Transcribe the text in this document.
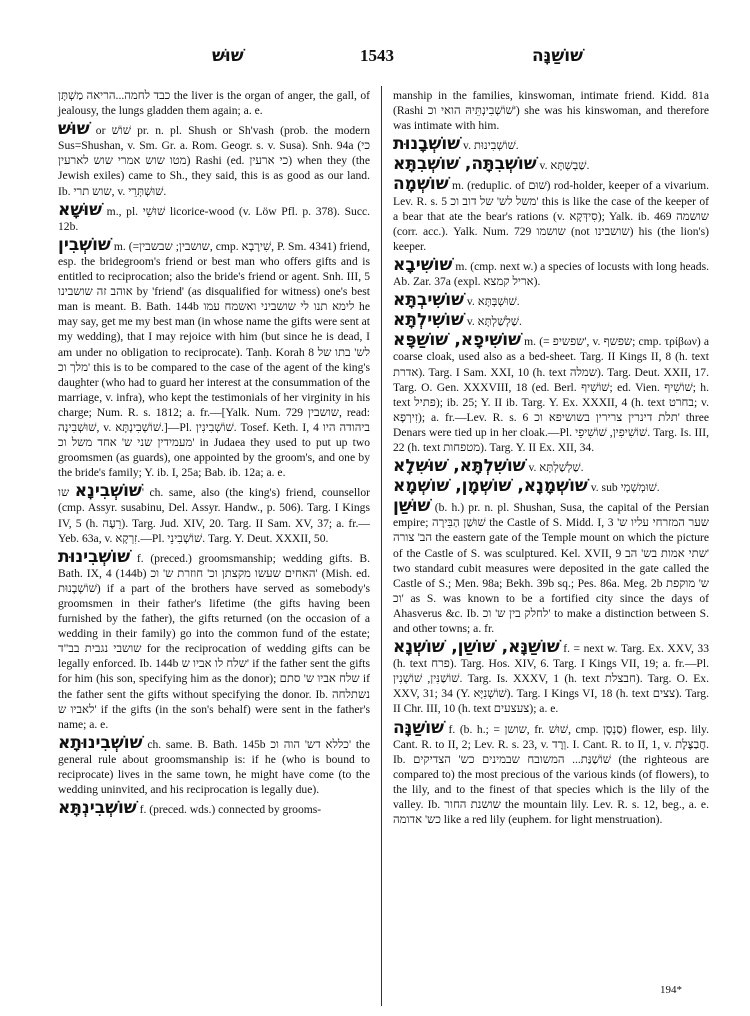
שׁוּשׁ	1543	שׁוֹשַׁנָּה
כבד לחמה...הריאה מַשְׁתָּן the liver is the organ of anger, the gall, of jealousy, the lungs gladden them again; a. e.
שׁוּשׁ or שׁוֹשׁ pr. n. pl. Shush or Sh'vash (prob. the modern Sus=Shushan, v. Sm. Gr. a. Rom. Geogr. s. v. Susa). Snh. 94a (כי מטו שוש אמרי שוש לארעין) Rashi (ed. כי ארעין) when they (the Jewish exiles) came to Sh., they said, this is as good as our land. Ib. שוש תרי, v. שׁוּשְׁתְּרֵי.
שׁוּשָׁא m., pl. שׁוּשֵׁי licorice-wood (v. Löw Pfl. p. 378). Succ. 12b.
שׁוֹשְׁבִין m. (=שושבין; שבשבין, cmp. שִׁירָבָא, P. Sm. 4341) friend, esp. the bridegroom's friend or best man who offers gifts and is entitled to reciprocation; also the bride's friend or agent. Snh. III, 5 אוהב זה שושבינו by 'friend' (as disqualified for witness) one's best man is meant. B. Bath. 144b לימא תנו לי שושביני ואשמח עמו he may say, get me my best man (in whose name the gifts were sent at my wedding), that I may rejoice with him (but since he is dead, I am under no obligation to reciprocate). Tanḥ. Korah 8 לש' בתו של מלך וכ' this is to be compared to the case of the agent of the king's daughter (who had to guard her interest at the consummation of the marriage, v. infra), who kept the testimonials of her virginity in his charge; Num. R. s. 1812; a. fr.—[Yalk. Num. 729 שושבין, read: שׁוּשְׁבִינָה, v. שׁוֹשְׁבִינְתָּא.]—Pl. שׁוֹשְׁבִינִין. Tosef. Keth. I, 4 ביהודה היו מעמידין שני ש' אחד משל וכ' in Judaea they used to put up two groomsmen (as guards), one appointed by the groom's, and one by the bride's family; Y. ib. I, 25a; Bab. ib. 12a; a. e.
שׁוֹשְׁבִינָא שו' ch. same, also (the king's) friend, counsellor (cmp. Assyr. susabinu, Del. Assyr. Handw., p. 506). Targ. I Kings IV, 5 (h. רֵעֶה). Targ. Jud. XIV, 20. Targ. II Sam. XV, 37; a. fr.—Yeb. 63a, v. זִרְקָא.—Pl. שׁוֹשְׁבִינֵי. Targ. Y. Deut. XXXII, 50.
שׁוֹשְׁבִינוּת f. (preced.) groomsmanship; wedding gifts. B. Bath. IX, 4 (144b) האחים שעשו מקצתן וכ' חוזרת ש' וכ' (Mish. ed. שׁוֹשְׁבָנוּת) if a part of the brothers have served as somebody's groomsmen in their father's lifetime (the gifts having been furnished by the father), the gifts returned (on the occasion of a wedding in their family) go into the common fund of the estate; שושבי נגבית בב"ד for the reciprocation of wedding gifts can be legally enforced. Ib. 144b שלח לו אביו ש' if the father sent the gifts for him (his son, specifying him as the donor); שלח אביו ש' סתם if the father sent the gifts without specifying the donor. Ib. נשתלחה לאביו ש' if the gifts (in the son's behalf) were sent in the father's name; a. e.
שׁוֹשְׁבִינוּתָא ch. same. B. Bath. 145b כללא דש' הוה וכ' the general rule about groomsmanship is: if he (who is bound to reciprocate) lives in the same town, he might have come (to the wedding uninvited, and his reciprocation is legally due).
שׁוֹשְׁבִינְתָּא f. (preced. wds.) connected by grooms-
manship in the families, kinswoman, intimate friend. Kidd. 81a (Rashi שׁוֹשְׁבִינְתֵּיהּ הואי וכ') she was his kinswoman, and therefore was intimate with him.
שׁוֹשְׁבָנוּת v. שׁוֹשְׁבִינוּת.
שׁוֹשְׁבִתָּה, שׁוֹשְׁבִתָּא v. שַׁבְשְׁתָּא.
שׁוֹשְׁמָה m. (reduplic. of שׁוּם) rod-holder, keeper of a vivarium. Lev. R. s. 5 משל לש' של דוב וכ' this is like the case of the keeper of a bear that ate the bear's rations (v. סִידְּקָא); Yalk. ib. 469 שושמה (corr. acc.). Yalk. Num. 729 שושמו (not שושבינו) his (the lion's) keeper.
שׁוֹשִׁיבָא m. (cmp. next w.) a species of locusts with long heads. Ab. Zar. 37a (expl. אריל קמצא).
שׁוֹשִׁיבְתָּא v. שׁוּשְׁבְּתָּא.
שׁוֹשִׁילְתָּא v. שַׁלְשַׁלְתָּא.
שׁוֹשִׁיפָא, שׁוֹשַׁפָּא m. (= שפשיפ', v. שפשף; cmp. τρίβων) a coarse cloak, used also as a bed-sheet. Targ. II Kings II, 8 (h. text אדרת). Targ. I Sam. XXI, 10 (h. text שמלה). Targ. Deut. XXII, 17. Targ. O. Gen. XXXVIII, 18 (ed. Berl. שׁוֹשִׁיף; ed. Vien. שׁוֹשִׁיף; h. text פתיל); ib. 25; Y. II ib. Targ. Y. Ex. XXXII, 4 (h. text בחרט; v. זִירְפָא); a. fr.—Lev. R. s. 6 תלת דינרין צרירין בשושיפא וכ' three Denars were tied up in her cloak.—Pl. שׁוֹשִׁיפִין, שׁוֹשִׁיפֵי. Targ. Is. III, 22 (h. text מטפחות). Targ. Y. II Ex. XII, 34.
שׁוֹשִׁלְתָּא, שׁוּשִׁלָא v. שַׁלְשַׁלְתָּא.
שׁוֹשְׁמָנָא, שׁוֹשְׁמָן, שׁוֹשְׁמָא v. sub שׁוּמְשְׁמָי.
שׁוּשַׁן (b. h.) pr. n. pl. Shushan, Susa, the capital of the Persian empire; שׁוּשַׁן הַבִּירָה the Castle of S. Midd. I, 3 שער המזרחי עליו ש' הב' צורה the eastern gate of the Temple mount on which the picture of the Castle of S. was sculptured. Kel. XVII, 9 שתי אמות בש' הב' two standard cubit measures were deposited in the gate called the Castle of S.; Men. 98a; Bekh. 39b sq.; Pes. 86a. Meg. 2b ש' מוקפת וכ' as S. was known to be a fortified city since the days of Ahasverus &c. Ib. לחלק בין ש' וכ' to make a distinction between S. and other towns; a. fr.
שׁוֹשַׁנָּא, שׁוֹשַׁן, שׁוֹשְׁנָא f. = next w. Targ. Ex. XXV, 33 (h. text פרח). Targ. Hos. XIV, 6. Targ. I Kings VII, 19; a. fr.—Pl. שׁוֹשַׁנִּין, שׁוֹשְׁנִין. Targ. Is. XXXV, 1 (h. text חבצלת). Targ. O. Ex. XXV, 31; 34 (Y. שׁוֹשְׁנִיָּא). Targ. I Kings VI, 18 (h. text צצים). Targ. II Chr. III, 10 (h. text צעצעים); a. e.
שׁוֹשַׁנָּה f. (b. h.; = שושן, fr. שׁוּשׁ, cmp. סַנְסָן) flower, esp. lily. Cant. R. to II, 2; Lev. R. s. 23, v. וְרֶד. I. Cant. R. to II, 1, v. חֲבַצֶּלֶת. Ib. שׁוֹשַׁנַּת... המשובח שבמינים כש' הצדיקים (the righteous are compared to) the most precious of the various kinds (of flowers), to the lily, and to the finest of that species which is the lily of the valley. Ib. שושנת החור the mountain lily. Lev. R. s. 12, beg., a. e. כש' אדומה like a red lily (euphem. for light menstruation).
194*
